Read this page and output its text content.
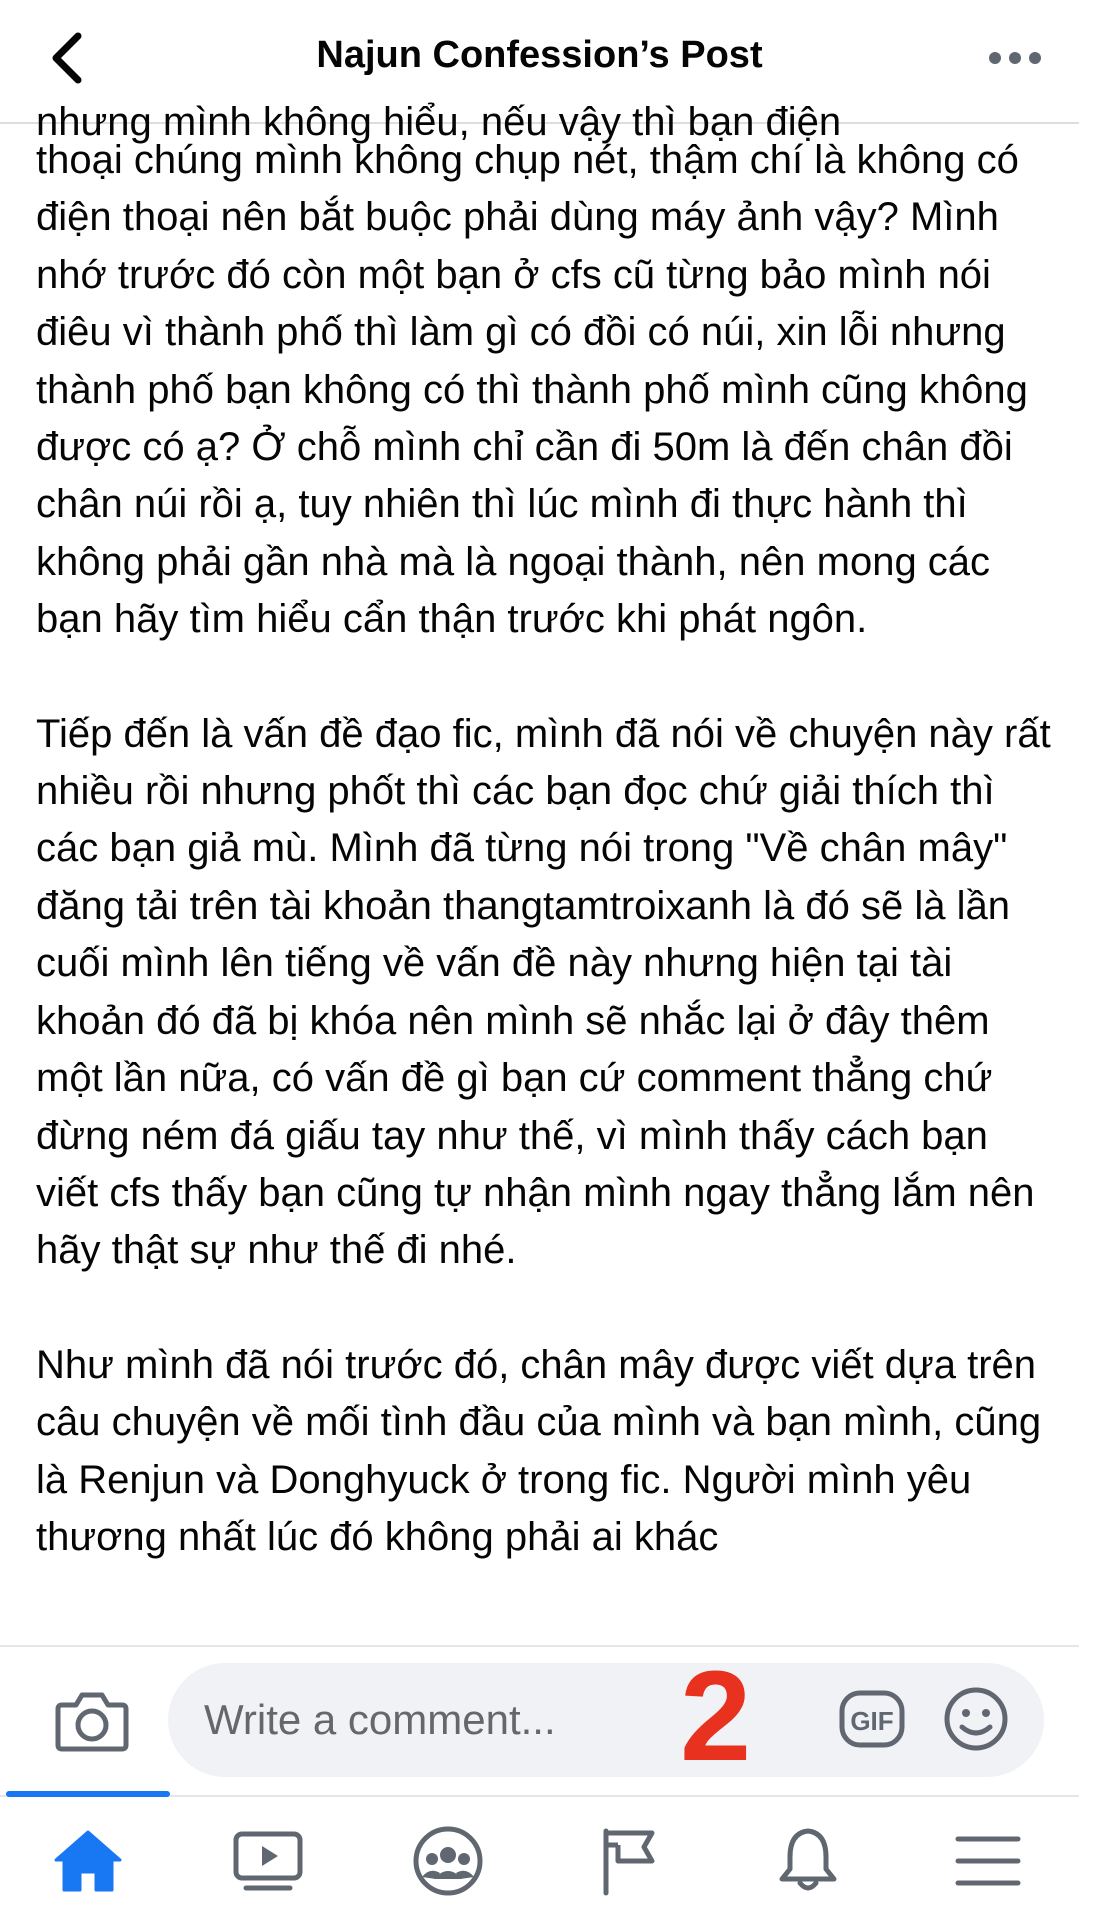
Najun Confession’s Post
nhưng mình không hiểu, nếu vậy thì bạn điện

thoại chúng mình không chụp nét, thậm chí là không có điện thoại nên bắt buộc phải dùng máy ảnh vậy? Mình nhớ trước đó còn một bạn ở cfs cũ từng bảo mình nói điêu vì thành phố thì làm gì có đồi có núi, xin lỗi nhưng thành phố bạn không có thì thành phố mình cũng không được có ạ? Ở chỗ mình chỉ cần đi 50m là đến chân đồi chân núi rồi ạ, tuy nhiên thì lúc mình đi thực hành thì không phải gần nhà mà là ngoại thành, nên mong các bạn hãy tìm hiểu cẩn thận trước khi phát ngôn.

Tiếp đến là vấn đề đạo fic, mình đã nói về chuyện này rất nhiều rồi nhưng phốt thì các bạn đọc chứ giải thích thì các bạn giả mù. Mình đã từng nói trong "Về chân mây" đăng tải trên tài khoản thangtamtroixanh là đó sẽ là lần cuối mình lên tiếng về vấn đề này nhưng hiện tại tài khoản đó đã bị khóa nên mình sẽ nhắc lại ở đây thêm một lần nữa, có vấn đề gì bạn cứ comment thẳng chứ đừng ném đá giấu tay như thế, vì mình thấy cách bạn viết cfs thấy bạn cũng tự nhận mình ngay thẳng lắm nên hãy thật sự như thế đi nhé.

Như mình đã nói trước đó, chân mây được viết dựa trên câu chuyện về mối tình đầu của mình và bạn mình, cũng là Renjun và Donghyuck ở trong fic. Người mình yêu thương nhất lúc đó không phải ai khác

Write a comment...
2	GIF
